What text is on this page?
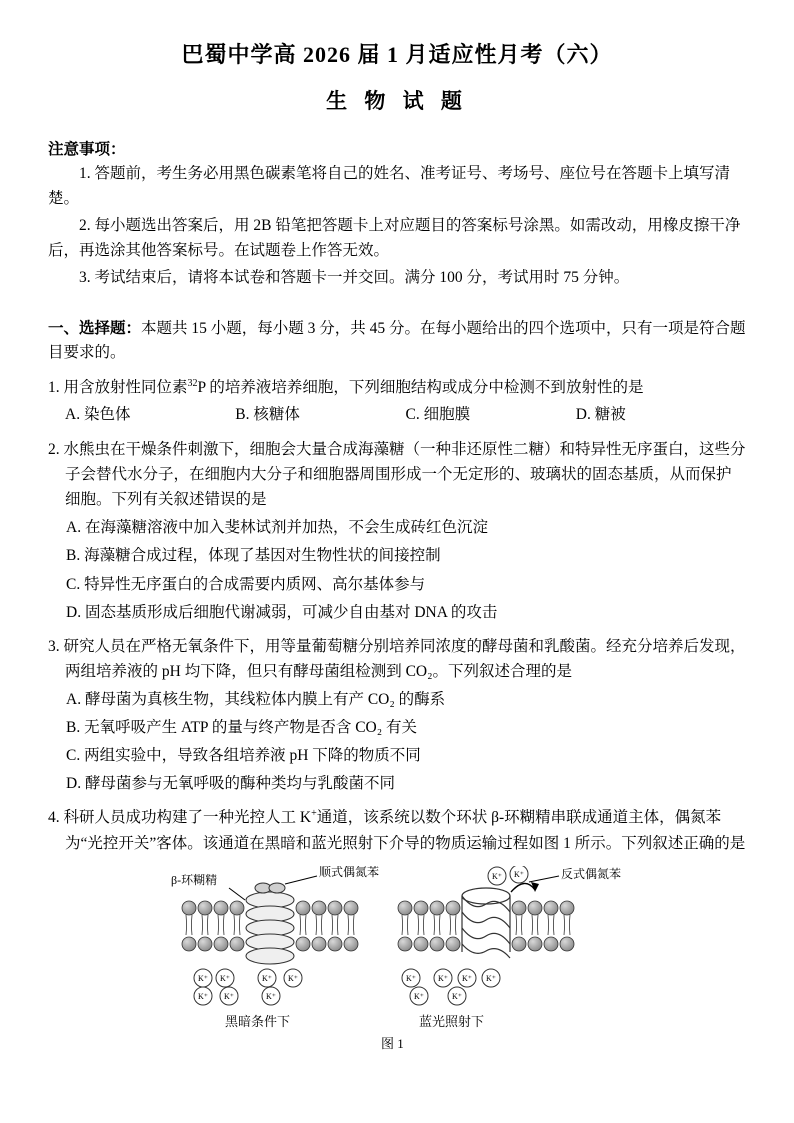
巴蜀中学高 2026 届 1 月适应性月考（六）
生 物 试 题
注意事项：
1. 答题前，考生务必用黑色碳素笔将自己的姓名、准考证号、考场号、座位号在答题卡上填写清楚。
2. 每小题选出答案后，用 2B 铅笔把答题卡上对应题目的答案标号涂黑。如需改动，用橡皮擦干净后，再选涂其他答案标号。在试题卷上作答无效。
3. 考试结束后，请将本试卷和答题卡一并交回。满分 100 分，考试用时 75 分钟。
一、选择题：本题共 15 小题，每小题 3 分，共 45 分。在每小题给出的四个选项中，只有一项是符合题目要求的。
1. 用含放射性同位素$^{32}$P 的培养液培养细胞，下列细胞结构或成分中检测不到放射性的是
A. 染色体	B. 核糖体	C. 细胞膜	D. 糖被
2. 水熊虫在干燥条件刺激下，细胞会大量合成海藻糖（一种非还原性二糖）和特异性无序蛋白，这些分子会替代水分子，在细胞内大分子和细胞器周围形成一个无定形的、玻璃状的固态基质，从而保护细胞。下列有关叙述错误的是
A. 在海藻糖溶液中加入斐林试剂并加热，不会生成砖红色沉淀
B. 海藻糖合成过程，体现了基因对生物性状的间接控制
C. 特异性无序蛋白的合成需要内质网、高尔基体参与
D. 固态基质形成后细胞代谢减弱，可减少自由基对 DNA 的攻击
3. 研究人员在严格无氧条件下，用等量葡萄糖分别培养同浓度的酵母菌和乳酸菌。经充分培养后发现，两组培养液的 pH 均下降，但只有酵母菌组检测到 CO₂。下列叙述合理的是
A. 酵母菌为真核生物，其线粒体内膜上有产 CO₂ 的酶系
B. 无氧呼吸产生 ATP 的量与终产物是否含 CO₂ 有关
C. 两组实验中，导致各组培养液 pH 下降的物质不同
D. 酵母菌参与无氧呼吸的酶种类均与乳酸菌不同
4. 科研人员成功构建了一种光控人工 K+通道，该系统以数个环状 β-环糊精串联成通道主体，偶氮苯为“光控开关”客体。该通道在黑暗和蓝光照射下介导的物质运输过程如图 1 所示。下列叙述正确的是
K⁺ K⁺	K⁺ K⁺
K⁺ K⁺	K⁺
K⁺ K⁺
K⁺	K⁺ K⁺ K⁺
K⁺	K⁺
β-环糊精
顺式偶氮苯	反式偶氮苯
黑暗条件下	蓝光照射下
图 1
